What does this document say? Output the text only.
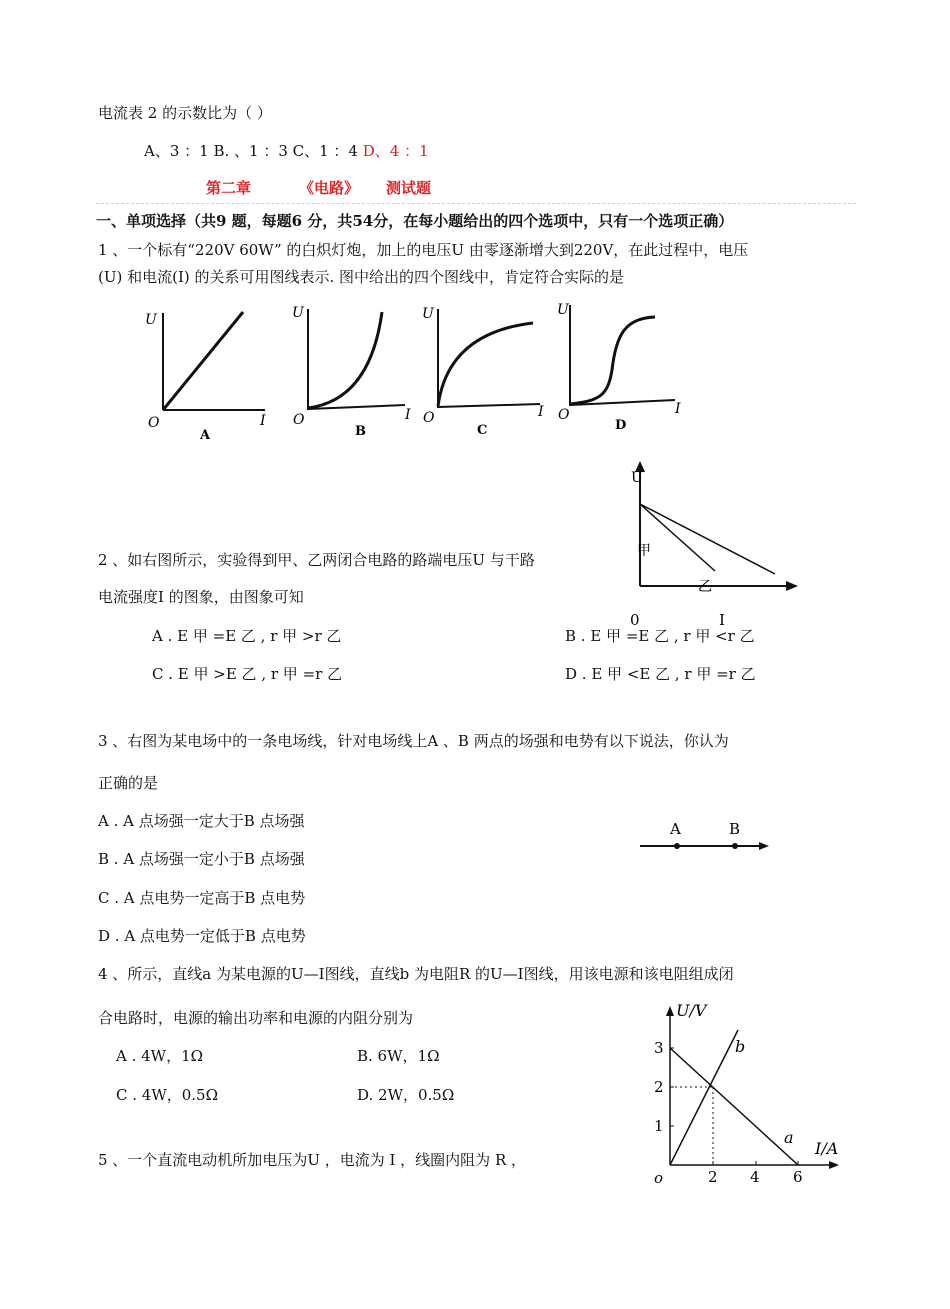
电流表 2 的示数比为（ ）
A、3 ：1 B. 、1 ：3 C、1 ：4 D、4 ：1
第二章	《电路》 测试题
一、单项选择（共9 题，每题6 分，共54分，在每小题给出的四个选项中，只有一个选项正确）
1 、一个标有“220V 60W” 的白炽灯炮，加上的电压U 由零逐渐增大到220V，在此过程中，电压
(U) 和电流(I) 的关系可用图线表示. 图中给出的四个图线中，肯定符合实际的是
U
O	I
A
U
O	I
B
U
O	I
C
U
O	I
D
U
甲
乙
0	I
2 、如右图所示，实验得到甲、乙两闭合电路的路端电压U 与干路
电流强度I 的图象，由图象可知
A . E 甲 =E 乙 , r 甲 >r 乙	B . E 甲 =E 乙 , r 甲 <r 乙
C . E 甲 >E 乙 , r 甲 =r 乙	D . E 甲 <E 乙 , r 甲 =r 乙
3 、右图为某电场中的一条电场线，针对电场线上A 、B 两点的场强和电势有以下说法，你认为
正确的是
A . A 点场强一定大于B 点场强
B . A 点场强一定小于B 点场强
C . A 点电势一定高于B 点电势
D . A 点电势一定低于B 点电势
A	B
4 、所示，直线a 为某电源的U—I图线，直线b 为电阻R 的U—I图线，用该电源和该电阻组成闭
合电路时，电源的输出功率和电源的内阻分别为
A . 4W，1Ω	B. 6W，1Ω
C . 4W，0.5Ω	D. 2W，0.5Ω
U/V
I/A
o
3
2
1
2 4 6
a
b
5 、一个直流电动机所加电压为U ，电流为 I ，线圈内阻为 R ，
